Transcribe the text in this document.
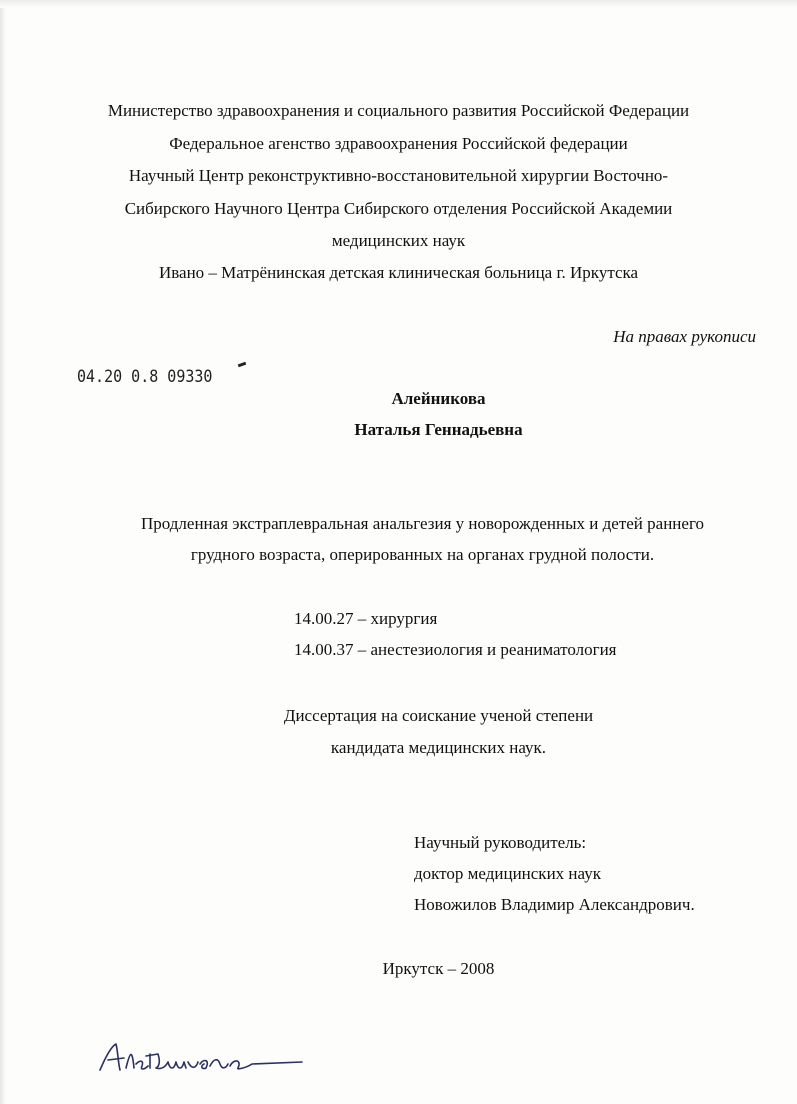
Министерство здравоохранения и социального развития Российской Федерации
Федеральное агенство здравоохранения Российской федерации
Научный Центр реконструктивно-восстановительной хирургии Восточно-
Сибирского Научного Центра Сибирского отделения Российской Академии
медицинских наук
Ивано – Матрёнинская детская клиническая больница г. Иркутска
На правах рукописи
04.20 0.8 09330
Алейникова
Наталья Геннадьевна
Продленная экстраплевральная анальгезия у новорожденных и детей раннего
грудного возраста, оперированных на органах грудной полости.
14.00.27 – хирургия
14.00.37 – анестезиология и реаниматология
Диссертация на соискание ученой степени
кандидата медицинских наук.
Научный руководитель:
доктор медицинских наук
Новожилов Владимир Александрович.
Иркутск – 2008
